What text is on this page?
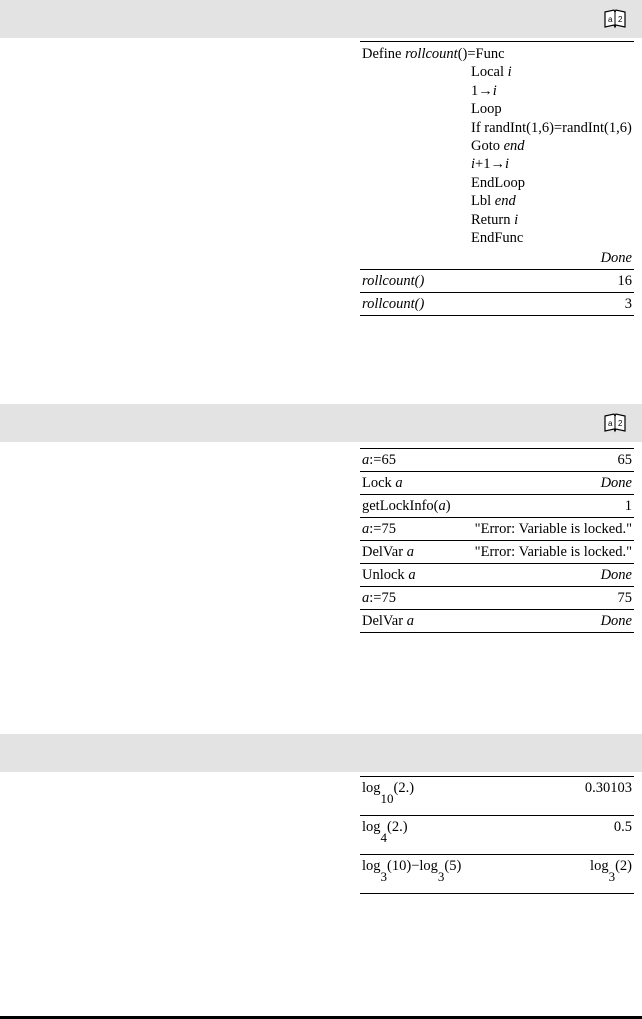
a 2
Define rollcount()=Func
Local i
1→i
Loop
If randInt(1,6)=randInt(1,6)
Goto end
i+1→i
EndLoop
Lbl end
Return i
EndFunc
Done
rollcount()	16
rollcount()	3
a 2
a:=65	65
Lock a	Done
getLockInfo(a)	1
a:=75	"Error: Variable is locked."
DelVar a	"Error: Variable is locked."
Unlock a	Done
a:=75	75
DelVar a	Done
log10(2.)	0.30103
log4(2.)	0.5
log3(10)−log3(5)	log3(2)
